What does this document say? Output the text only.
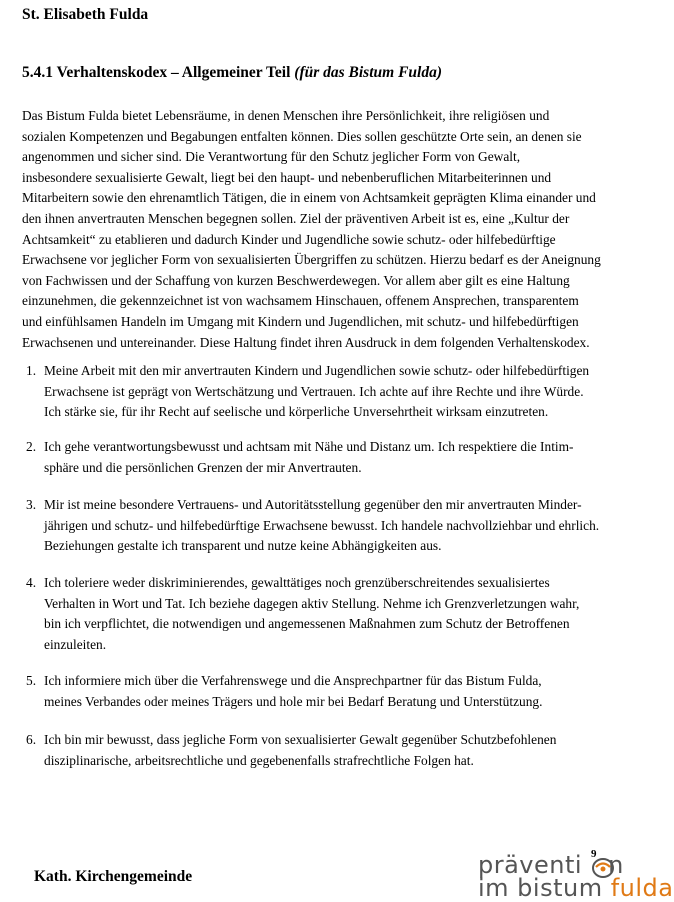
St. Elisabeth Fulda
5.4.1 Verhaltenskodex – Allgemeiner Teil (für das Bistum Fulda)
Das Bistum Fulda bietet Lebensräume, in denen Menschen ihre Persönlichkeit, ihre religiösen und
sozialen Kompetenzen und Begabungen entfalten können. Dies sollen geschützte Orte sein, an denen sie
angenommen und sicher sind. Die Verantwortung für den Schutz jeglicher Form von Gewalt,
insbesondere sexualisierte Gewalt, liegt bei den haupt- und nebenberuflichen Mitarbeiterinnen und
Mitarbeitern sowie den ehrenamtlich Tätigen, die in einem von Achtsamkeit geprägten Klima einander und
den ihnen anvertrauten Menschen begegnen sollen. Ziel der präventiven Arbeit ist es, eine „Kultur der
Achtsamkeit“ zu etablieren und dadurch Kinder und Jugendliche sowie schutz- oder hilfebedürftige
Erwachsene vor jeglicher Form von sexualisierten Übergriffen zu schützen. Hierzu bedarf es der Aneignung
von Fachwissen und der Schaffung von kurzen Beschwerdewegen. Vor allem aber gilt es eine Haltung
einzunehmen, die gekennzeichnet ist von wachsamem Hinschauen, offenem Ansprechen, transparentem
und einfühlsamen Handeln im Umgang mit Kindern und Jugendlichen, mit schutz- und hilfebedürftigen
Erwachsenen und untereinander. Diese Haltung findet ihren Ausdruck in dem folgenden Verhaltenskodex.
1. Meine Arbeit mit den mir anvertrauten Kindern und Jugendlichen sowie schutz- oder hilfebedürftigen
Erwachsene ist geprägt von Wertschätzung und Vertrauen. Ich achte auf ihre Rechte und ihre Würde.
Ich stärke sie, für ihr Recht auf seelische und körperliche Unversehrtheit wirksam einzutreten.
2. Ich gehe verantwortungsbewusst und achtsam mit Nähe und Distanz um. Ich respektiere die Intim-
sphäre und die persönlichen Grenzen der mir Anvertrauten.
3. Mir ist meine besondere Vertrauens- und Autoritätsstellung gegenüber den mir anvertrauten Minder-
jährigen und schutz- und hilfebedürftige Erwachsene bewusst. Ich handele nachvollziehbar und ehrlich.
Beziehungen gestalte ich transparent und nutze keine Abhängigkeiten aus.
4. Ich toleriere weder diskriminierendes, gewalttätiges noch grenzüberschreitendes sexualisiertes
Verhalten in Wort und Tat. Ich beziehe dagegen aktiv Stellung. Nehme ich Grenzverletzungen wahr,
bin ich verpflichtet, die notwendigen und angemessenen Maßnahmen zum Schutz der Betroffenen
einzuleiten.
5. Ich informiere mich über die Verfahrenswege und die Ansprechpartner für das Bistum Fulda,
meines Verbandes oder meines Trägers und hole mir bei Bedarf Beratung und Unterstützung.
6. Ich bin mir bewusst, dass jegliche Form von sexualisierter Gewalt gegenüber Schutzbefohlenen
disziplinarische, arbeitsrechtliche und gegebenenfalls strafrechtliche Folgen hat.
Kath. Kirchengemeinde
9
präventi n
im bistum fulda
